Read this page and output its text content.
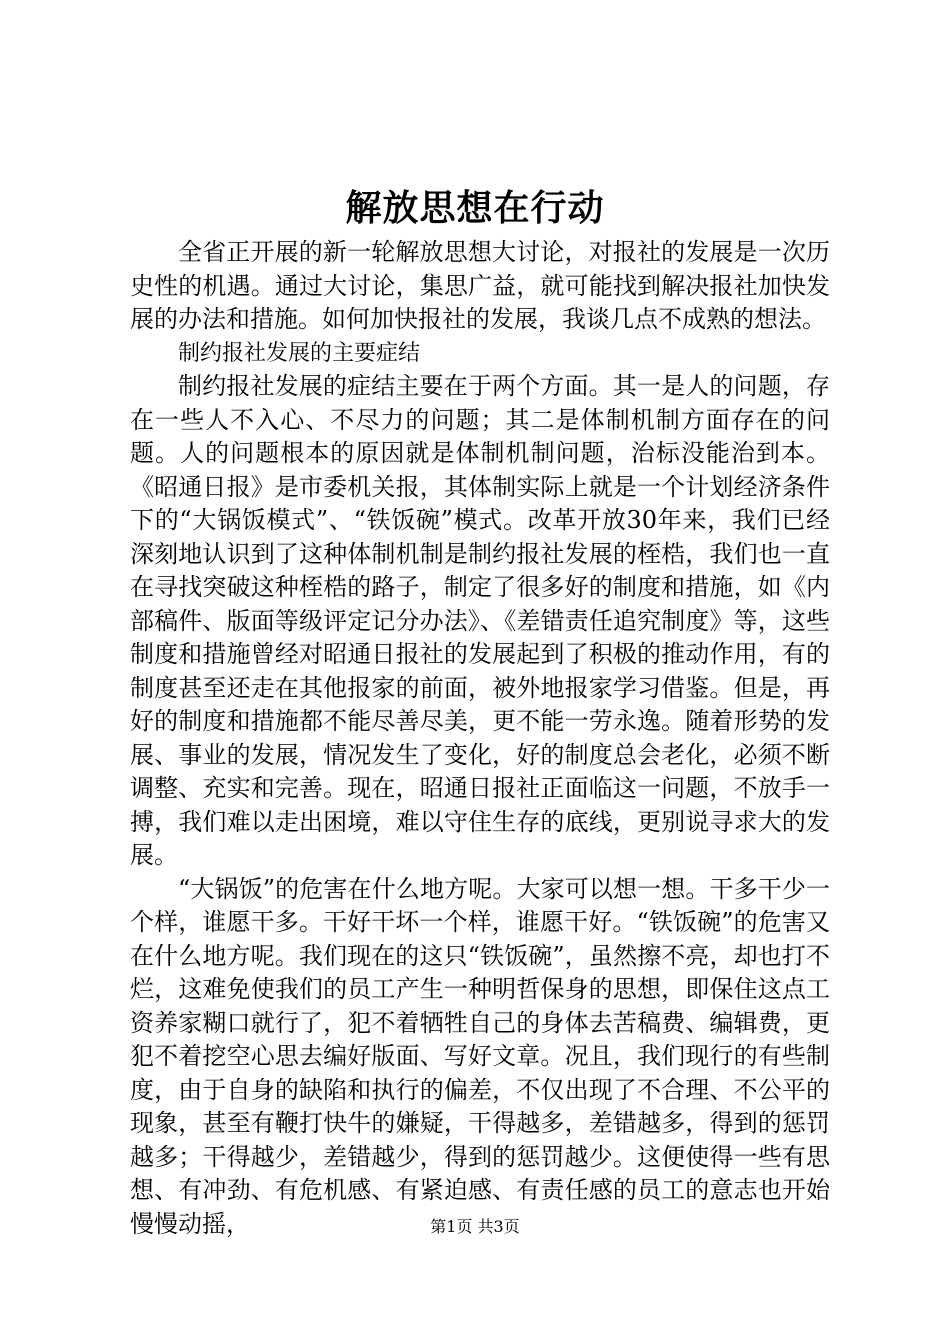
解放思想在行动

全省正开展的新一轮解放思想大讨论，对报社的发展是一次历史性的机遇。通过大讨论，集思广益，就可能找到解决报社加快发展的办法和措施。如何加快报社的发展，我谈几点不成熟的想法。

制约报社发展的主要症结

制约报社发展的症结主要在于两个方面。其一是人的问题，存在一些人不入心、不尽力的问题；其二是体制机制方面存在的问题。人的问题根本的原因就是体制机制问题，治标没能治到本。《昭通日报》是市委机关报，其体制实际上就是一个计划经济条件下的“大锅饭模式”、“铁饭碗”模式。改革开放30年来，我们已经深刻地认识到了这种体制机制是制约报社发展的桎梏，我们也一直在寻找突破这种桎梏的路子，制定了很多好的制度和措施，如《内部稿件、版面等级评定记分办法》、《差错责任追究制度》等，这些制度和措施曾经对昭通日报社的发展起到了积极的推动作用，有的制度甚至还走在其他报家的前面，被外地报家学习借鉴。但是，再好的制度和措施都不能尽善尽美，更不能一劳永逸。随着形势的发展、事业的发展，情况发生了变化，好的制度总会老化，必须不断调整、充实和完善。现在，昭通日报社正面临这一问题，不放手一搏，我们难以走出困境，难以守住生存的底线，更别说寻求大的发展。

“大锅饭”的危害在什么地方呢。大家可以想一想。干多干少一个样，谁愿干多。干好干坏一个样，谁愿干好。“铁饭碗”的危害又在什么地方呢。我们现在的这只“铁饭碗”，虽然擦不亮，却也打不烂，这难免使我们的员工产生一种明哲保身的思想，即保住这点工资养家糊口就行了，犯不着牺牲自己的身体去苦稿费、编辑费，更犯不着挖空心思去编好版面、写好文章。况且，我们现行的有些制度，由于自身的缺陷和执行的偏差，不仅出现了不合理、不公平的现象，甚至有鞭打快牛的嫌疑，干得越多，差错越多，得到的惩罚越多；干得越少，差错越少，得到的惩罚越少。这便使得一些有思想、有冲劲、有危机感、有紧迫感、有责任感的员工的意志也开始慢慢动摇，	第1页 共3页
